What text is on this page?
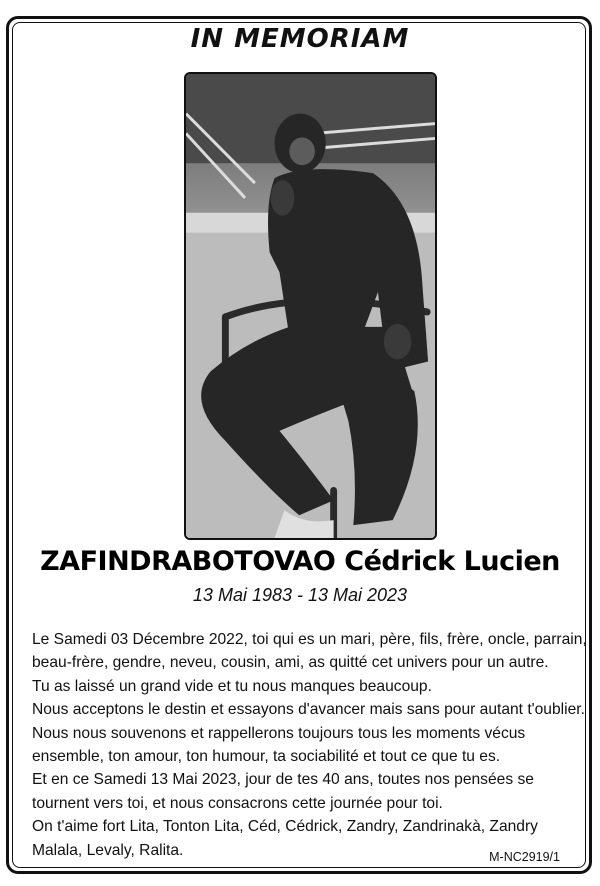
IN MEMORIAM
ZAFINDRABOTOVAO Cédrick Lucien
13 Mai 1983 - 13 Mai 2023

Le Samedi 03 Décembre 2022, toi qui es un mari, père, fils, frère, oncle, parrain, beau-frère, gendre, neveu, cousin, ami, as quitté cet univers pour un autre.

Tu as laissé un grand vide et tu nous manques beaucoup.

Nous acceptons le destin et essayons d'avancer mais sans pour autant t'oublier.

Nous nous souvenons et rappellerons toujours tous les moments vécus ensemble, ton amour, ton humour, ta sociabilité et tout ce que tu es.

Et en ce Samedi 13 Mai 2023, jour de tes 40 ans, toutes nos pensées se tournent vers toi, et nous consacrons cette journée pour toi.

On t'aime fort Lita, Tonton Lita, Céd, Cédrick, Zandry, Zandrinakà, Zandry Malala, Levaly, Ralita.	M-NC2919/1
